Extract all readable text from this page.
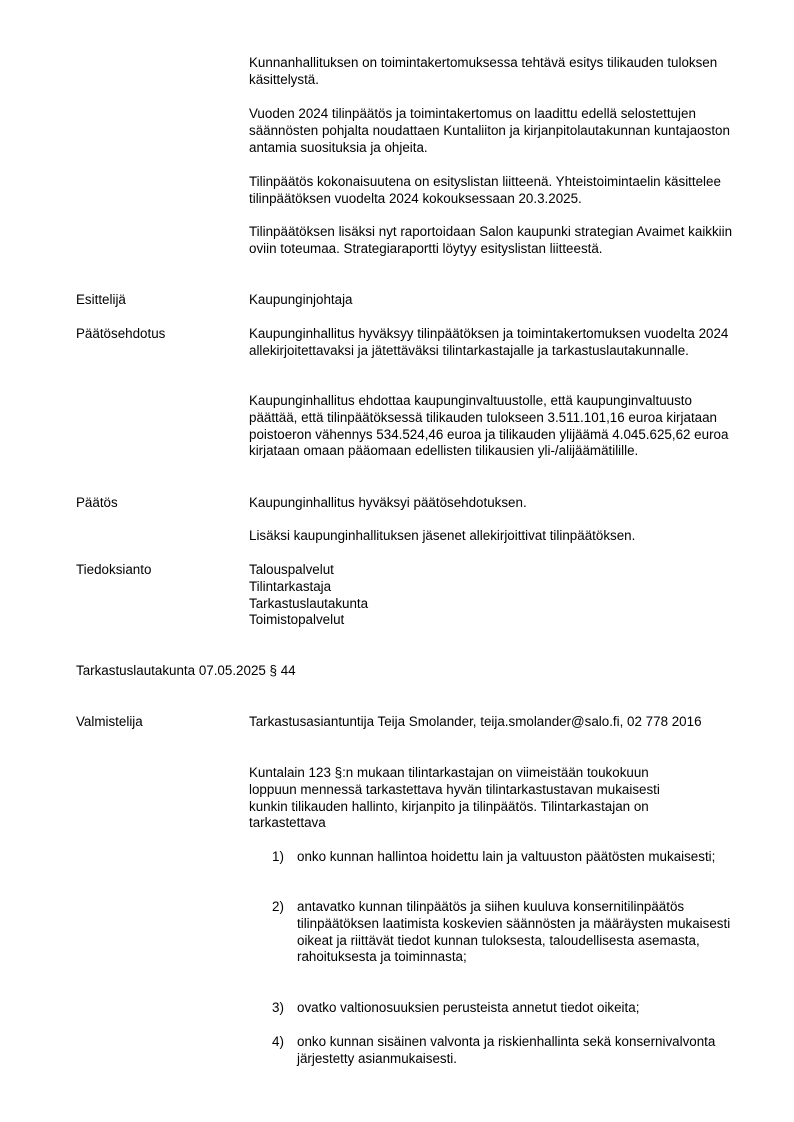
Kunnanhallituksen on toimintakertomuksessa tehtävä esitys tilikauden tuloksen käsittelystä.

Vuoden 2024 tilinpäätös ja toimintakertomus on laadittu edellä selostettujen säännösten pohjalta noudattaen Kuntaliiton ja kirjanpitolautakunnan kuntajaoston antamia suosituksia ja ohjeita.

Tilinpäätös kokonaisuutena on esityslistan liitteenä. Yhteistoimintaelin käsittelee tilinpäätöksen vuodelta 2024 kokouksessaan 20.3.2025.

Tilinpäätöksen lisäksi nyt raportoidaan Salon kaupunki strategian Avaimet kaikkiin oviin toteumaa. Strategiaraportti löytyy esityslistan liitteestä.

Esittelijä	Kaupunginjohtaja

Päätösehdotus	Kaupunginhallitus hyväksyy tilinpäätöksen ja toimintakertomuksen vuodelta 2024 allekirjoitettavaksi ja jätettäväksi tilintarkastajalle ja tarkastuslautakunnalle.

Kaupunginhallitus ehdottaa kaupunginvaltuustolle, että kaupunginvaltuusto päättää, että tilinpäätöksessä tilikauden tulokseen 3.511.101,16 euroa kirjataan poistoeron vähennys 534.524,46 euroa ja tilikauden ylijäämä 4.045.625,62 euroa kirjataan omaan pääomaan edellisten tilikausien yli-/alijäämätilille.

Päätös	Kaupunginhallitus hyväksyi päätösehdotuksen.

Lisäksi kaupunginhallituksen jäsenet allekirjoittivat tilinpäätöksen.

Tiedoksianto	Talouspalvelut
Tilintarkastaja
Tarkastuslautakunta
Toimistopalvelut

Tarkastuslautakunta 07.05.2025 § 44

Valmistelija	Tarkastusasiantuntija Teija Smolander, teija.smolander@salo.fi, 02 778 2016

Kuntalain 123 §:n mukaan tilintarkastajan on viimeistään toukokuun loppuun mennessä tarkastettava hyvän tilintarkastustavan mukaisesti kunkin tilikauden hallinto, kirjanpito ja tilinpäätös. Tilintarkastajan on tarkastettava

1) onko kunnan hallintoa hoidettu lain ja valtuuston päätösten mukaisesti;
2) antavatko kunnan tilinpäätös ja siihen kuuluva konsernitilinpäätös tilinpäätöksen laatimista koskevien säännösten ja määräysten mukaisesti oikeat ja riittävät tiedot kunnan tuloksesta, taloudellisesta asemasta, rahoituksesta ja toiminnasta;
3) ovatko valtionosuuksien perusteista annetut tiedot oikeita;
4) onko kunnan sisäinen valvonta ja riskienhallinta sekä konsernivalvonta järjestetty asianmukaisesti.
